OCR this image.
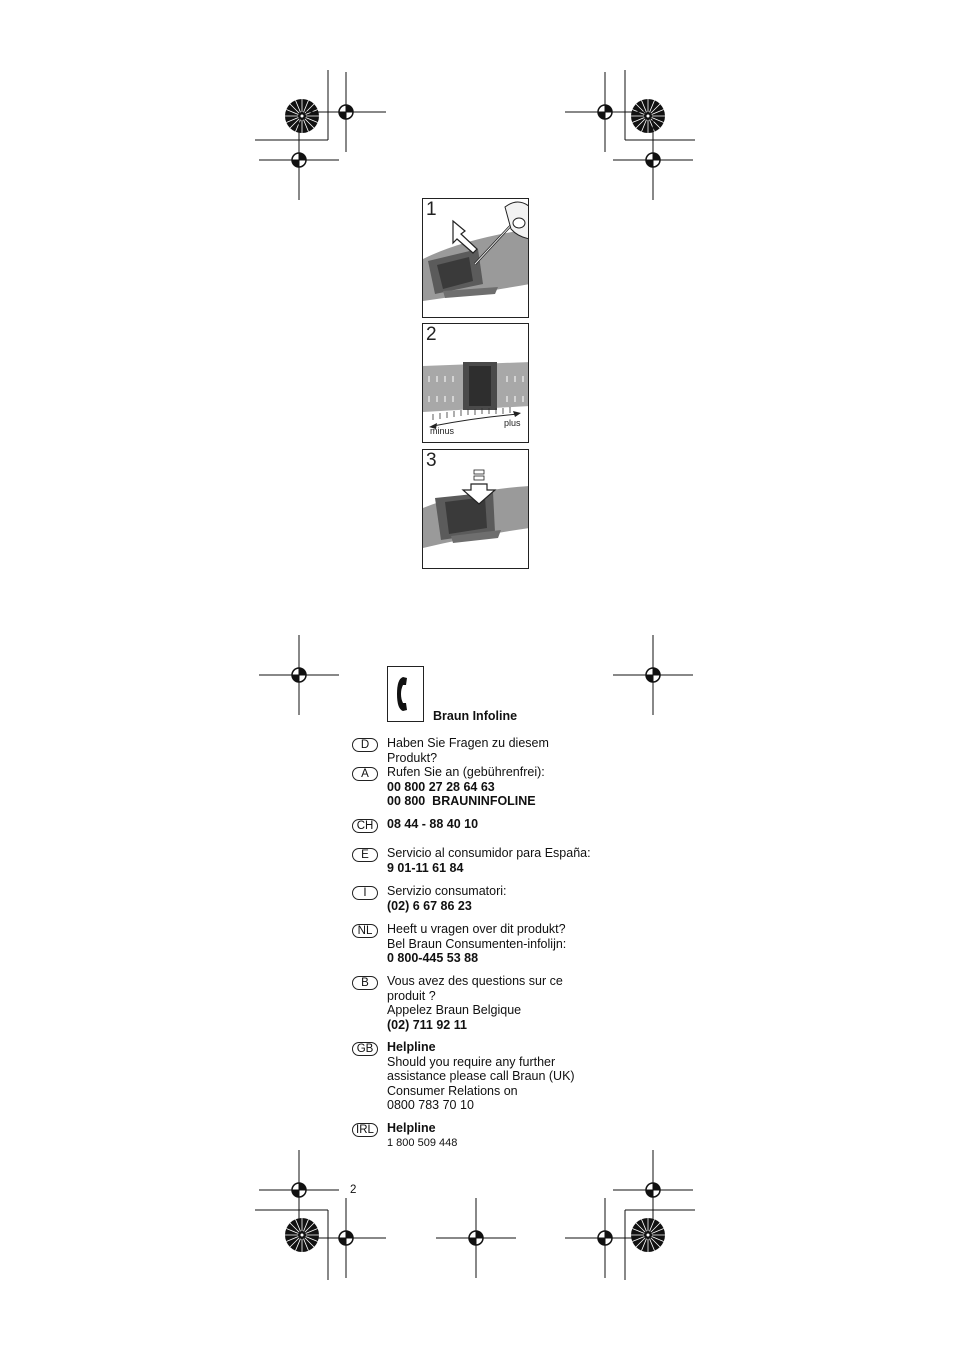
1
2
minus
plus
3
Braun Infoline
D	Haben Sie Fragen zu diesem
Produkt?
A	Rufen Sie an (gebührenfrei):
00 800 27 28 64 63
00 800  BRAUNINFOLINE
CH	08 44 - 88 40 10
E	Servicio al consumidor para España:
9 01-11 61 84
I	Servizio consumatori:
(02) 6 67 86 23
NL	Heeft u vragen over dit produkt?
Bel Braun Consumenten-infolijn:
0 800-445 53 88
B	Vous avez des questions sur ce
produit ?
Appelez Braun Belgique
(02) 711 92 11
GB	Helpline
Should you require any further
assistance please call Braun (UK)
Consumer Relations on
0800 783 70 10
IRL	Helpline
1 800 509 448
2
